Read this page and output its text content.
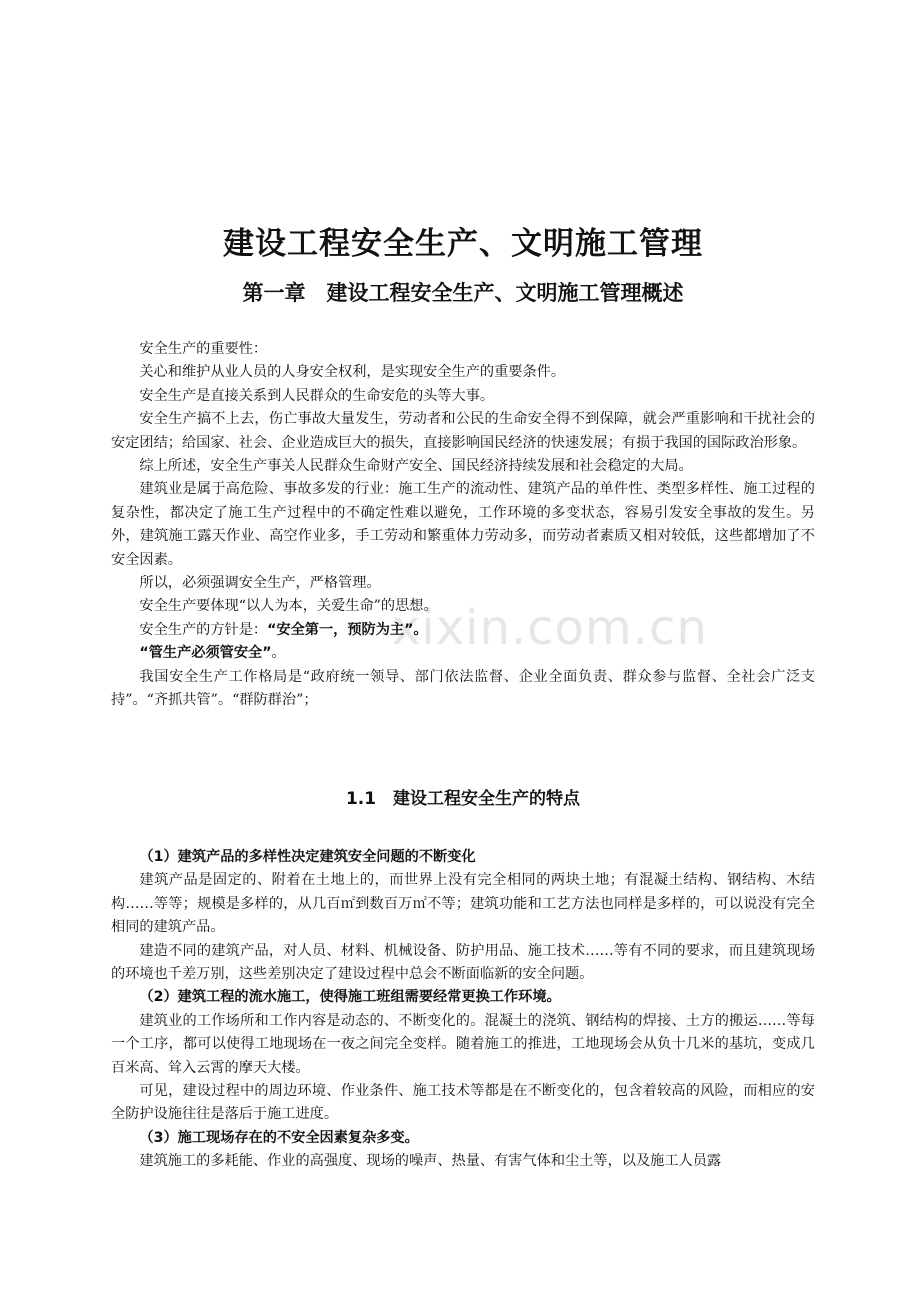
xixin.com.cn
建设工程安全生产、文明施工管理
第一章　建设工程安全生产、文明施工管理概述

安全生产的重要性：

关心和维护从业人员的人身安全权利，是实现安全生产的重要条件。

安全生产是直接关系到人民群众的生命安危的头等大事。

安全生产搞不上去，伤亡事故大量发生，劳动者和公民的生命安全得不到保障，就会严重影响和干扰社会的安定团结；给国家、社会、企业造成巨大的损失，直接影响国民经济的快速发展；有损于我国的国际政治形象。

综上所述，安全生产事关人民群众生命财产安全、国民经济持续发展和社会稳定的大局。

建筑业是属于高危险、事故多发的行业：施工生产的流动性、建筑产品的单件性、类型多样性、施工过程的复杂性，都决定了施工生产过程中的不确定性难以避免，工作环境的多变状态，容易引发安全事故的发生。另外，建筑施工露天作业、高空作业多，手工劳动和繁重体力劳动多，而劳动者素质又相对较低，这些都增加了不安全因素。

所以，必须强调安全生产，严格管理。

安全生产要体现“以人为本，关爱生命”的思想。

安全生产的方针是：“安全第一，预防为主”。

“管生产必须管安全”。

我国安全生产工作格局是“政府统一领导、部门依法监督、企业全面负责、群众参与监督、全社会广泛支持”。“齐抓共管”。“群防群治”；

1.1　建设工程安全生产的特点

（1）建筑产品的多样性决定建筑安全问题的不断变化

建筑产品是固定的、附着在土地上的，而世界上没有完全相同的两块土地；有混凝土结构、钢结构、木结构……等等；规模是多样的，从几百㎡到数百万㎡不等；建筑功能和工艺方法也同样是多样的，可以说没有完全相同的建筑产品。

建造不同的建筑产品，对人员、材料、机械设备、防护用品、施工技术……等有不同的要求，而且建筑现场的环境也千差万别，这些差别决定了建设过程中总会不断面临新的安全问题。

（2）建筑工程的流水施工，使得施工班组需要经常更换工作环境。

建筑业的工作场所和工作内容是动态的、不断变化的。混凝土的浇筑、钢结构的焊接、土方的搬运……等每一个工序，都可以使得工地现场在一夜之间完全变样。随着施工的推进，工地现场会从负十几米的基坑，变成几百米高、耸入云霄的摩天大楼。

可见，建设过程中的周边环境、作业条件、施工技术等都是在不断变化的，包含着较高的风险，而相应的安全防护设施往往是落后于施工进度。

（3）施工现场存在的不安全因素复杂多变。

建筑施工的多耗能、作业的高强度、现场的噪声、热量、有害气体和尘土等，以及施工人员露
